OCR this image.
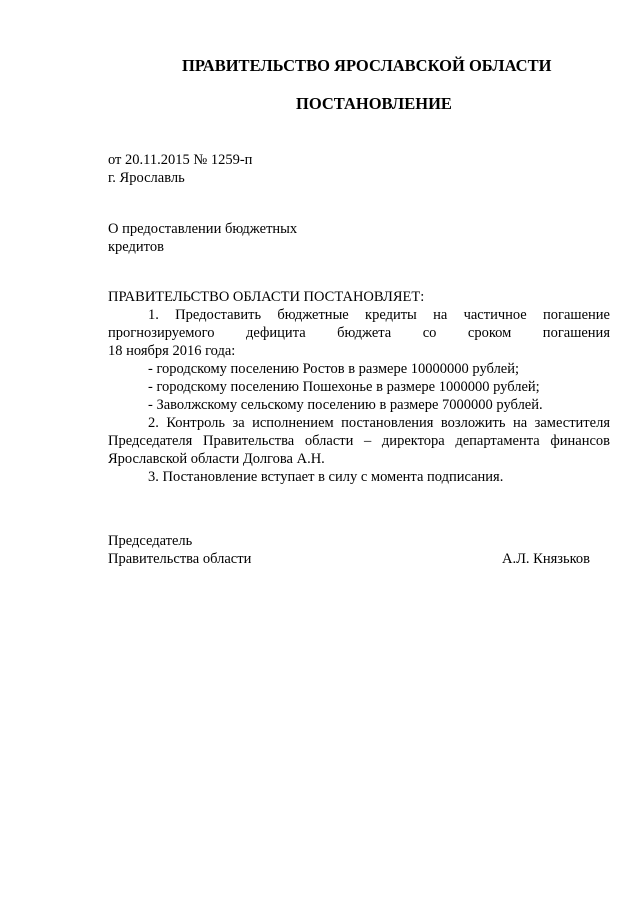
ПРАВИТЕЛЬСТВО ЯРОСЛАВСКОЙ ОБЛАСТИ
ПОСТАНОВЛЕНИЕ
от 20.11.2015 № 1259-п
г. Ярославль
О предоставлении бюджетных
кредитов
ПРАВИТЕЛЬСТВО ОБЛАСТИ ПОСТАНОВЛЯЕТ:
1. Предоставить бюджетные кредиты на частичное погашение
прогнозируемого дефицита бюджета со сроком погашения
18 ноября 2016 года:
- городскому поселению Ростов в размере 10000000 рублей;
- городскому поселению Пошехонье в размере 1000000 рублей;
- Заволжскому сельскому поселению в размере 7000000 рублей.
2. Контроль за исполнением постановления возложить на заместителя
Председателя Правительства области – директора департамента финансов
Ярославской области Долгова А.Н.
3. Постановление вступает в силу с момента подписания.
Председатель
Правительства области	А.Л. Князьков
